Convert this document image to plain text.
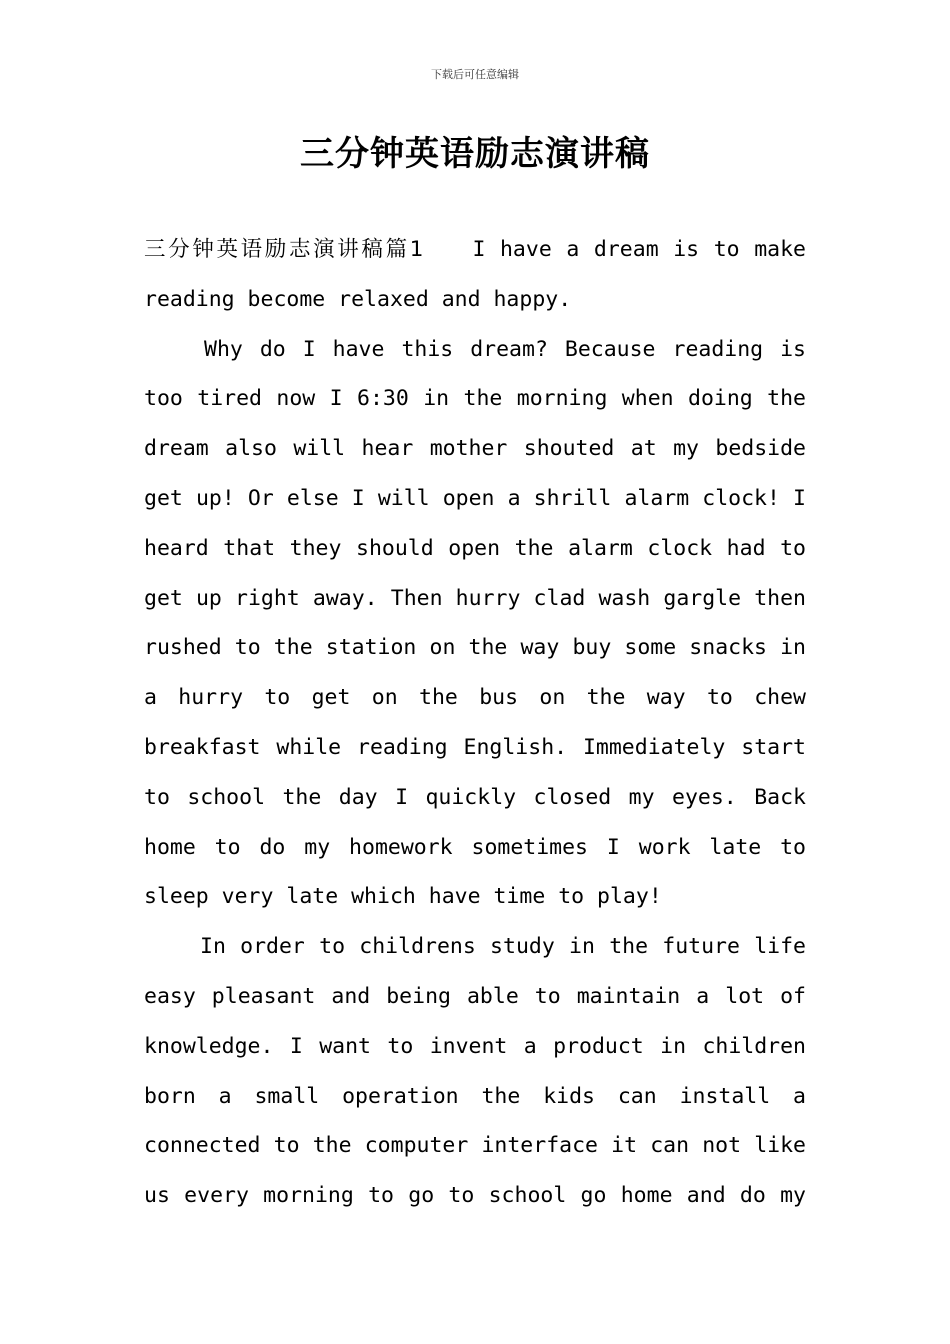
下载后可任意编辑
三分钟英语励志演讲稿

三分钟英语励志演讲稿篇1 I have a dream is to make reading become relaxed and happy.

Why do I have this dream? Because reading is too tired now I 6:30 in the morning when doing the dream also will hear mother shouted at my bedside get up! Or else I will open a shrill alarm clock! I heard that they should open the alarm clock had to get up right away. Then hurry clad wash gargle then rushed to the station on the way buy some snacks in a hurry to get on the bus on the way to chew breakfast while reading English. Immediately start to school the day I quickly closed my eyes. Back home to do my homework sometimes I work late to sleep very late which have time to play!

In order to childrens study in the future life easy pleasant and being able to maintain a lot of knowledge. I want to invent a product in children born a small operation the kids can install a connected to the computer interface it can not like us every morning to go to school go home and do my
